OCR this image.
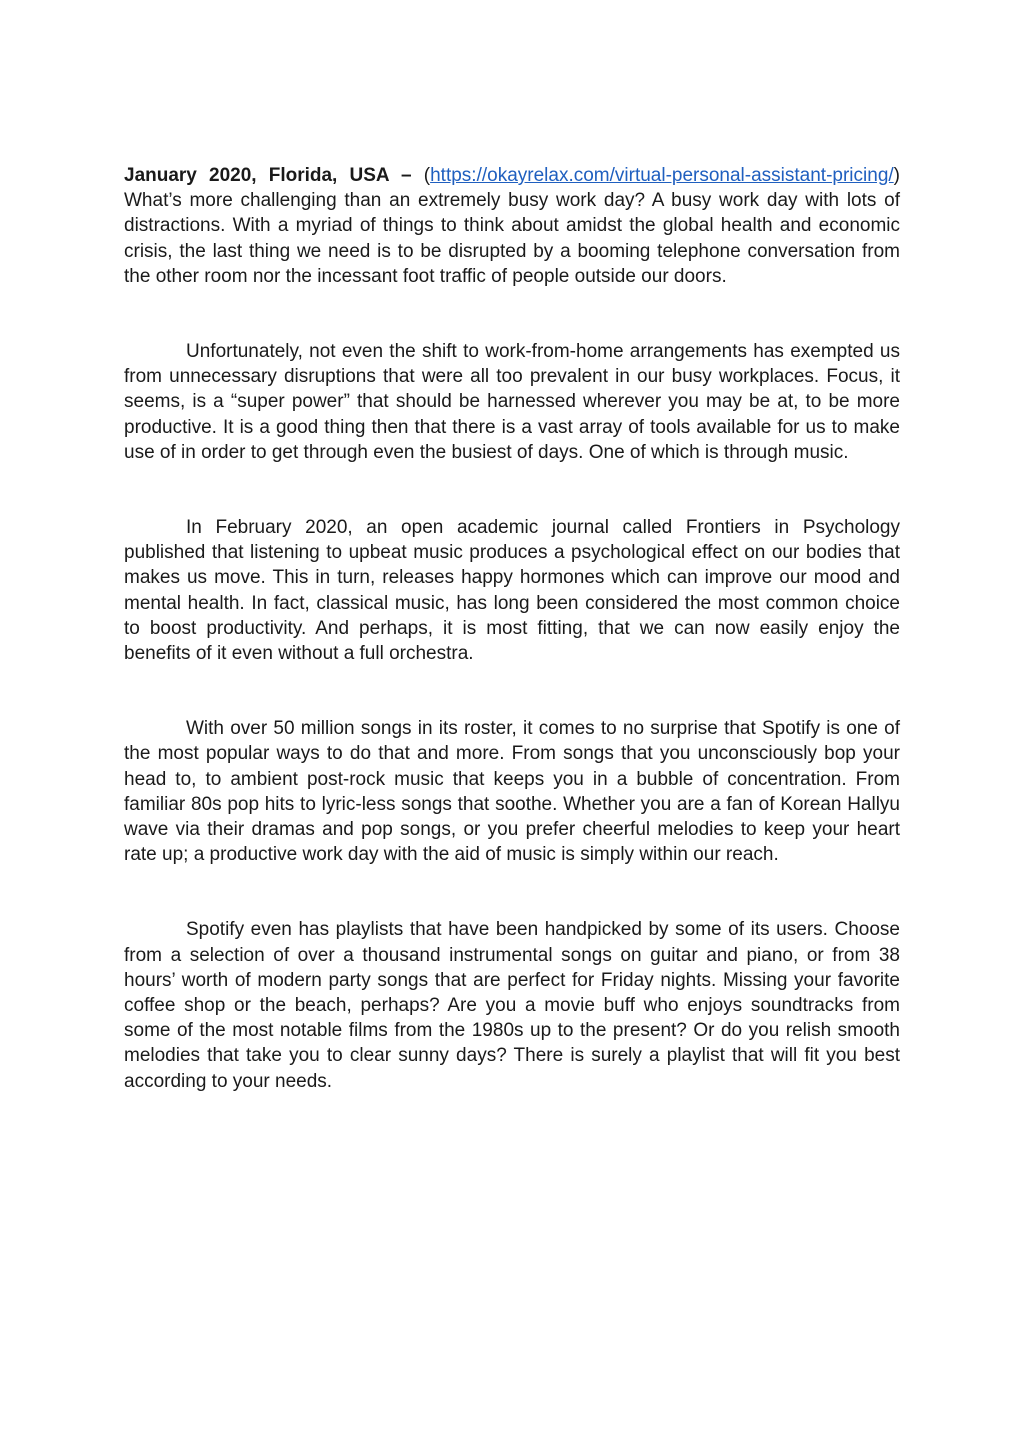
January 2020, Florida, USA – (https://okayrelax.com/virtual-personal-assistant-pricing/) What’s more challenging than an extremely busy work day? A busy work day with lots of distractions. With a myriad of things to think about amidst the global health and economic crisis, the last thing we need is to be disrupted by a booming telephone conversation from the other room nor the incessant foot traffic of people outside our doors.

Unfortunately, not even the shift to work-from-home arrangements has exempted us from unnecessary disruptions that were all too prevalent in our busy workplaces. Focus, it seems, is a “super power” that should be harnessed wherever you may be at, to be more productive. It is a good thing then that there is a vast array of tools available for us to make use of in order to get through even the busiest of days. One of which is through music.

In February 2020, an open academic journal called Frontiers in Psychology published that listening to upbeat music produces a psychological effect on our bodies that makes us move. This in turn, releases happy hormones which can improve our mood and mental health. In fact, classical music, has long been considered the most common choice to boost productivity. And perhaps, it is most fitting, that we can now easily enjoy the benefits of it even without a full orchestra.

With over 50 million songs in its roster, it comes to no surprise that Spotify is one of the most popular ways to do that and more. From songs that you unconsciously bop your head to, to ambient post-rock music that keeps you in a bubble of concentration. From familiar 80s pop hits to lyric-less songs that soothe. Whether you are a fan of Korean Hallyu wave via their dramas and pop songs, or you prefer cheerful melodies to keep your heart rate up; a productive work day with the aid of music is simply within our reach.

Spotify even has playlists that have been handpicked by some of its users. Choose from a selection of over a thousand instrumental songs on guitar and piano, or from 38 hours’ worth of modern party songs that are perfect for Friday nights. Missing your favorite coffee shop or the beach, perhaps? Are you a movie buff who enjoys soundtracks from some of the most notable films from the 1980s up to the present? Or do you relish smooth melodies that take you to clear sunny days? There is surely a playlist that will fit you best according to your needs.
